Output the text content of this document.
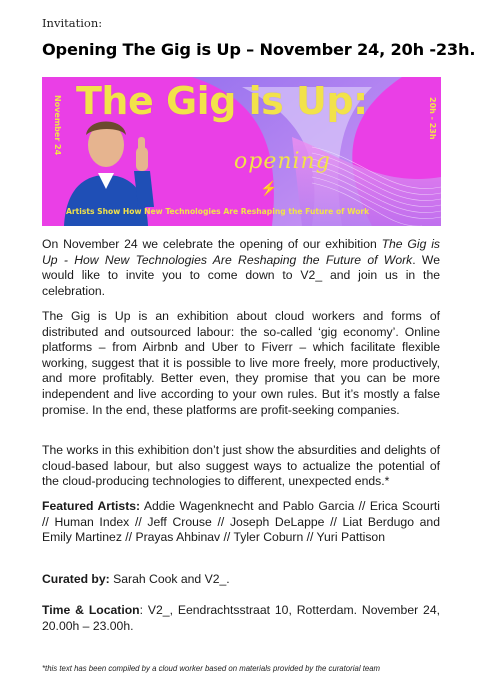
Invitation:
Opening The Gig is Up – November 24, 20h -23h.
November 24 The Gig is Up:	20h - 23h
opening
⚡
Artists Show How New Technologies Are Reshaping the Future of Work
On November 24 we celebrate the opening of our exhibition The Gig is Up - How New Technologies Are Reshaping the Future of Work. We would like to invite you to come down to V2_ and join us in the celebration.
The Gig is Up is an exhibition about cloud workers and forms of distributed and outsourced labour: the so-called ‘gig economy’. Online platforms – from Airbnb and Uber to Fiverr – which facilitate flexible working, suggest that it is possible to live more freely, more productively, and more profitably. Better even, they promise that you can be more independent and live according to your own rules. But it’s mostly a false promise. In the end, these platforms are profit-seeking companies.
The works in this exhibition don’t just show the absurdities and delights of cloud-based labour, but also suggest ways to actualize the potential of the cloud-producing technologies to different, unexpected ends.*
Featured Artists: Addie Wagenknecht and Pablo Garcia // Erica Scourti // Human Index // Jeff Crouse // Joseph DeLappe // Liat Berdugo and Emily Martinez // Prayas Ahbinav // Tyler Coburn // Yuri Pattison
Curated by: Sarah Cook and V2_.
Time & Location: V2_, Eendrachtsstraat 10, Rotterdam. November 24, 20.00h – 23.00h.
*this text has been compiled by a cloud worker based on materials provided by the curatorial team
